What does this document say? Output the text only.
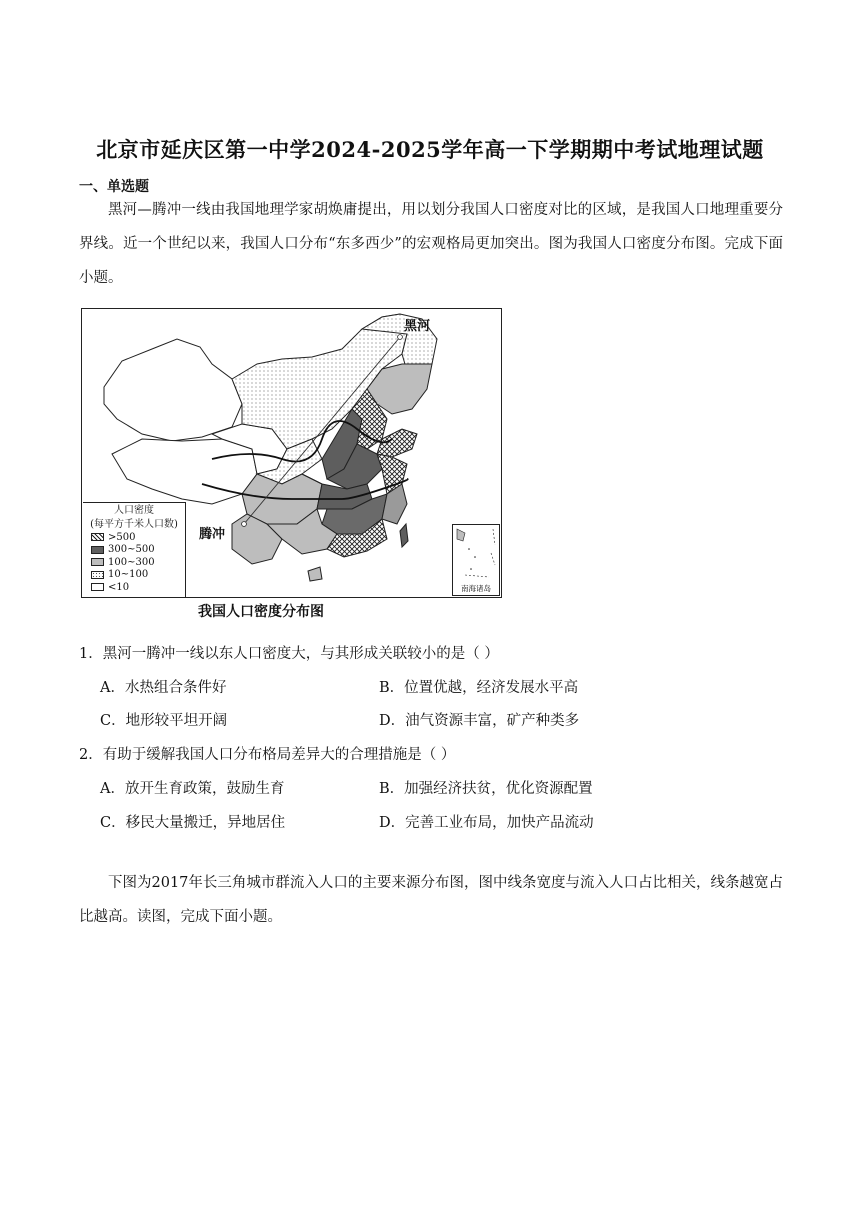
北京市延庆区第一中学2024-2025学年高一下学期期中考试地理试题
一、单选题
黑河—腾冲一线由我国地理学家胡焕庸提出，用以划分我国人口密度对比的区域，是我国人口地理重要分界线。近一个世纪以来，我国人口分布“东多西少”的宏观格局更加突出。图为我国人口密度分布图。完成下面小题。
黑河
腾冲
人口密度
(每平方千米人口数)
>500
300~500
100~300
10~100
<10	南海诸岛
我国人口密度分布图
1．黑河一腾冲一线以东人口密度大，与其形成关联较小的是（ ）
A．水热组合条件好	B．位置优越，经济发展水平高
C．地形较平坦开阔	D．油气资源丰富，矿产种类多
2．有助于缓解我国人口分布格局差异大的合理措施是（ ）
A．放开生育政策，鼓励生育	B．加强经济扶贫，优化资源配置
C．移民大量搬迁，异地居住	D．完善工业布局，加快产品流动
下图为2017年长三角城市群流入人口的主要来源分布图，图中线条宽度与流入人口占比相关，线条越宽占比越高。读图，完成下面小题。
